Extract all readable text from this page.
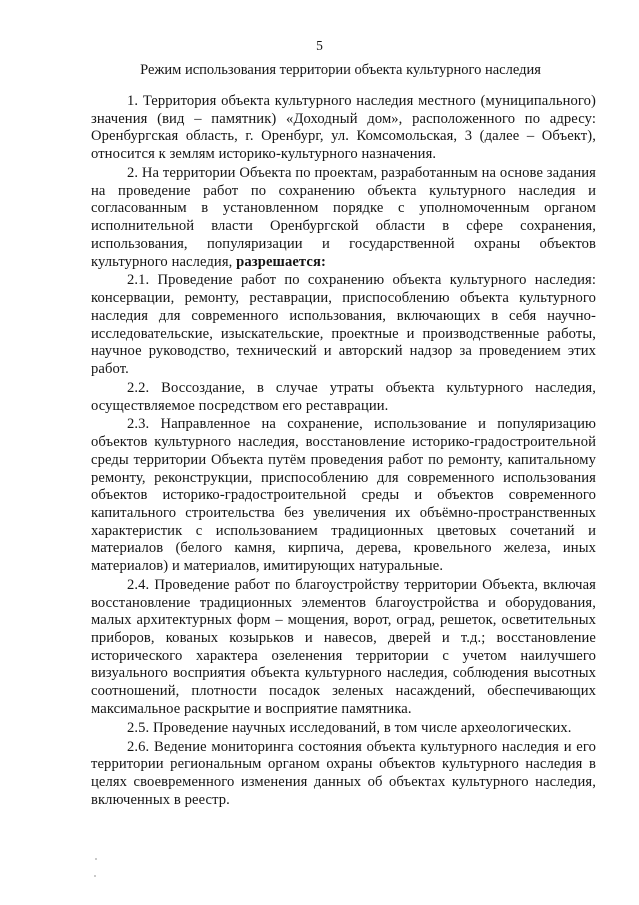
5
Режим использования территории объекта культурного наследия

1. Территория объекта культурного наследия местного (муниципального) значения (вид – памятник) «Доходный дом», расположенного по адресу: Оренбургская область, г. Оренбург, ул. Комсомольская, 3 (далее – Объект), относится к землям историко-культурного назначения.

2. На территории Объекта по проектам, разработанным на основе задания на проведение работ по сохранению объекта культурного наследия и согласованным в установленном порядке с уполномоченным органом исполнительной власти Оренбургской области в сфере сохранения, использования, популяризации и государственной охраны объектов культурного наследия, разрешается:

2.1. Проведение работ по сохранению объекта культурного наследия: консервации, ремонту, реставрации, приспособлению объекта культурного наследия для современного использования, включающих в себя научно-исследовательские, изыскательские, проектные и производственные работы, научное руководство, технический и авторский надзор за проведением этих работ.

2.2. Воссоздание, в случае утраты объекта культурного наследия, осуществляемое посредством его реставрации.

2.3. Направленное на сохранение, использование и популяризацию объектов культурного наследия, восстановление историко-градостроительной среды территории Объекта путём проведения работ по ремонту, капитальному ремонту, реконструкции, приспособлению для современного использования объектов историко-градостроительной среды и объектов современного капитального строительства без увеличения их объёмно-пространственных характеристик с использованием традиционных цветовых сочетаний и материалов (белого камня, кирпича, дерева, кровельного железа, иных материалов) и материалов, имитирующих натуральные.

2.4. Проведение работ по благоустройству территории Объекта, включая восстановление традиционных элементов благоустройства и оборудования, малых архитектурных форм – мощения, ворот, оград, решеток, осветительных приборов, кованых козырьков и навесов, дверей и т.д.; восстановление исторического характера озеленения территории с учетом наилучшего визуального восприятия объекта культурного наследия, соблюдения высотных соотношений, плотности посадок зеленых насаждений, обеспечивающих максимальное раскрытие и восприятие памятника.

2.5. Проведение научных исследований, в том числе археологических.

2.6. Ведение мониторинга состояния объекта культурного наследия и его территории региональным органом охраны объектов культурного наследия в целях своевременного изменения данных об объектах культурного наследия, включенных в реестр.
